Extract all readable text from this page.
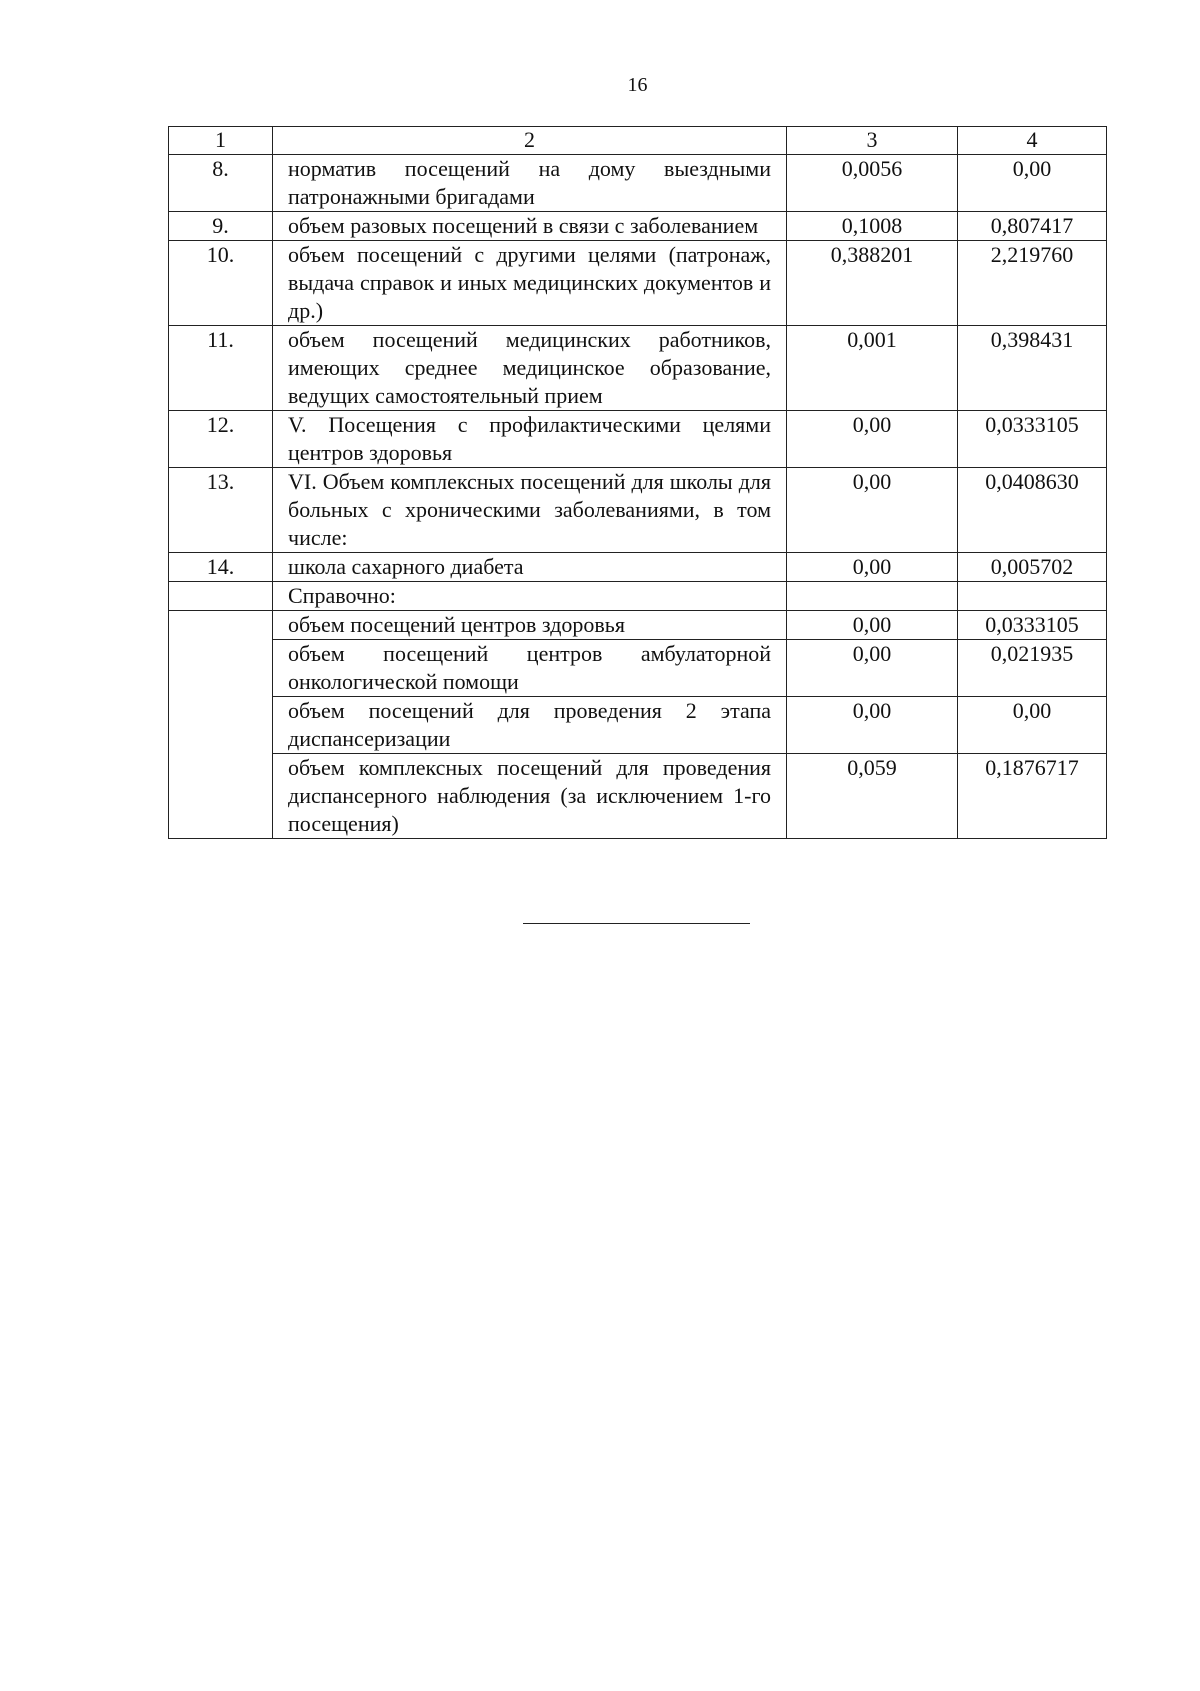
16
1	2	3	4
8.	норматив посещений на дому выездными патронажными бригадами	0,0056	0,00
9.	объем разовых посещений в связи с заболеванием	0,1008	0,807417
10.	объем посещений с другими целями (патронаж, выдача справок и иных медицинских документов и др.)	0,388201	2,219760
11.	объем посещений медицинских работников, имеющих среднее медицинское образование, ведущих самостоятельный прием	0,001	0,398431
12.	V. Посещения с профилактическими целями центров здоровья	0,00	0,0333105
13.	VI. Объем комплексных посещений для школы для больных с хроническими заболеваниями, в том числе:	0,00	0,0408630
14.	школа сахарного диабета	0,00	0,005702
	Справочно:		
	объем посещений центров здоровья	0,00	0,0333105
	объем посещений центров амбулаторной онкологической помощи	0,00	0,021935
	объем посещений для проведения 2 этапа диспансеризации	0,00	0,00
	объем комплексных посещений для проведения диспансерного наблюдения (за исключением 1-го посещения)	0,059	0,1876717
